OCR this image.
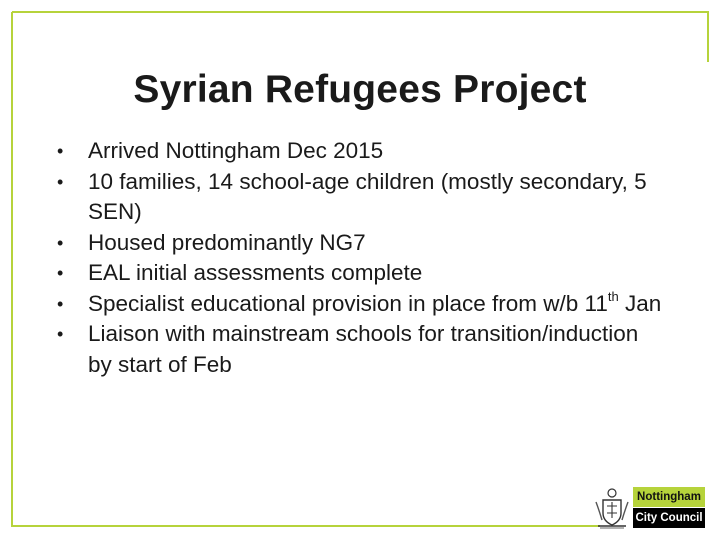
Syrian Refugees Project
• Arrived Nottingham Dec 2015
• 10 families, 14 school-age children (mostly secondary, 5 SEN)
• Housed predominantly NG7
• EAL initial assessments complete
• Specialist educational provision in place from w/b 11th Jan
• Liaison with mainstream schools for transition/induction by start of Feb
Nottingham
City Council
